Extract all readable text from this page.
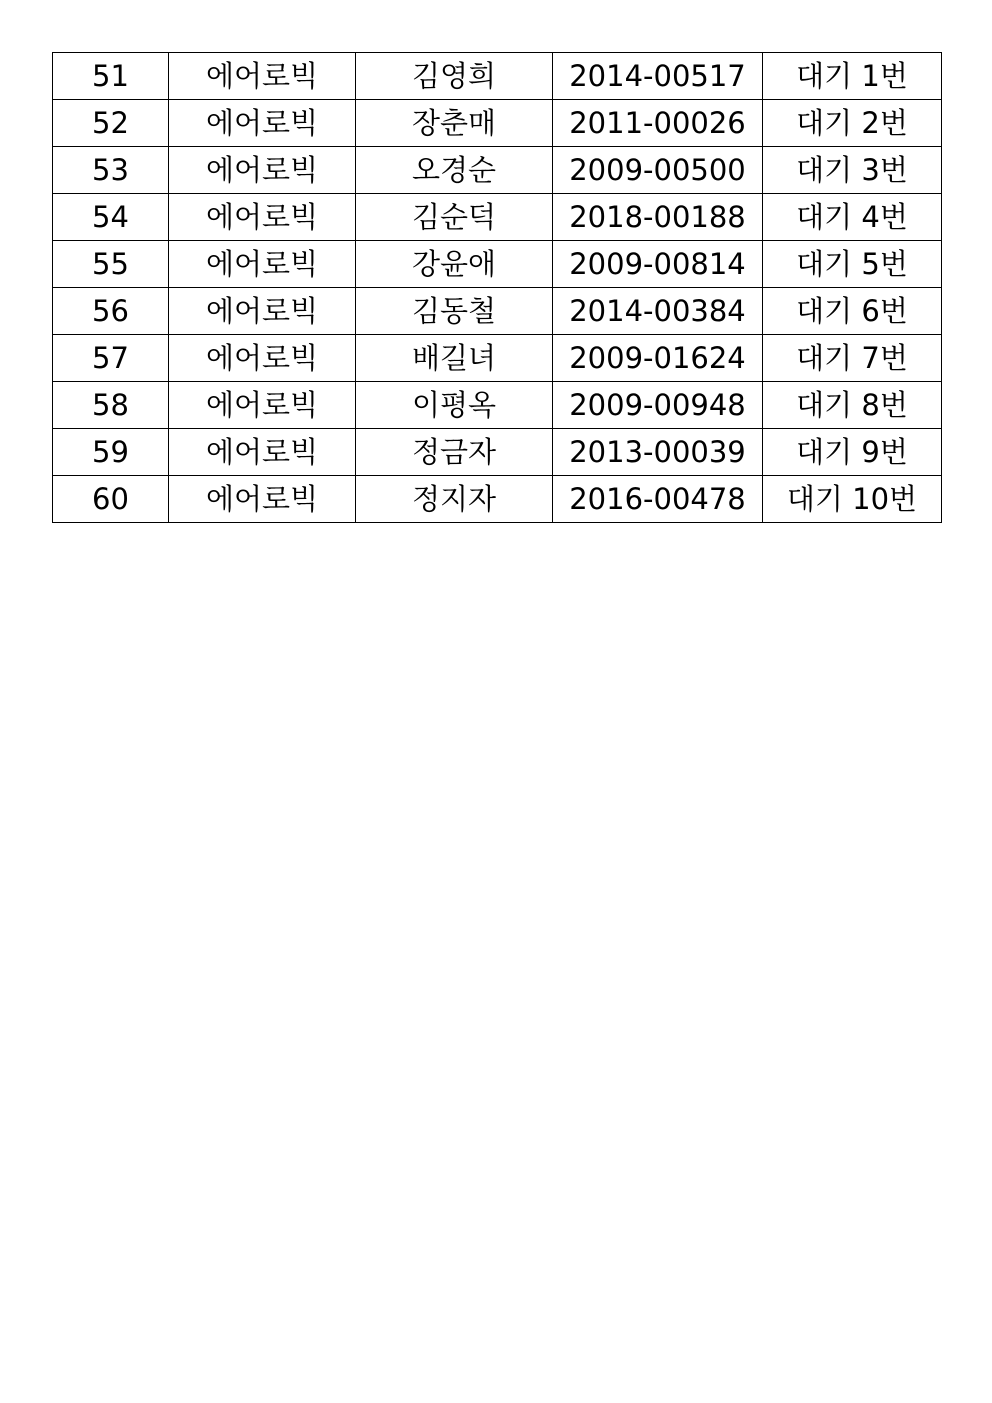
51	에어로빅	김영희	2014-00517	대기 1번
52	에어로빅	장춘매	2011-00026	대기 2번
53	에어로빅	오경순	2009-00500	대기 3번
54	에어로빅	김순덕	2018-00188	대기 4번
55	에어로빅	강윤애	2009-00814	대기 5번
56	에어로빅	김동철	2014-00384	대기 6번
57	에어로빅	배길녀	2009-01624	대기 7번
58	에어로빅	이평옥	2009-00948	대기 8번
59	에어로빅	정금자	2013-00039	대기 9번
60	에어로빅	정지자	2016-00478	대기 10번
